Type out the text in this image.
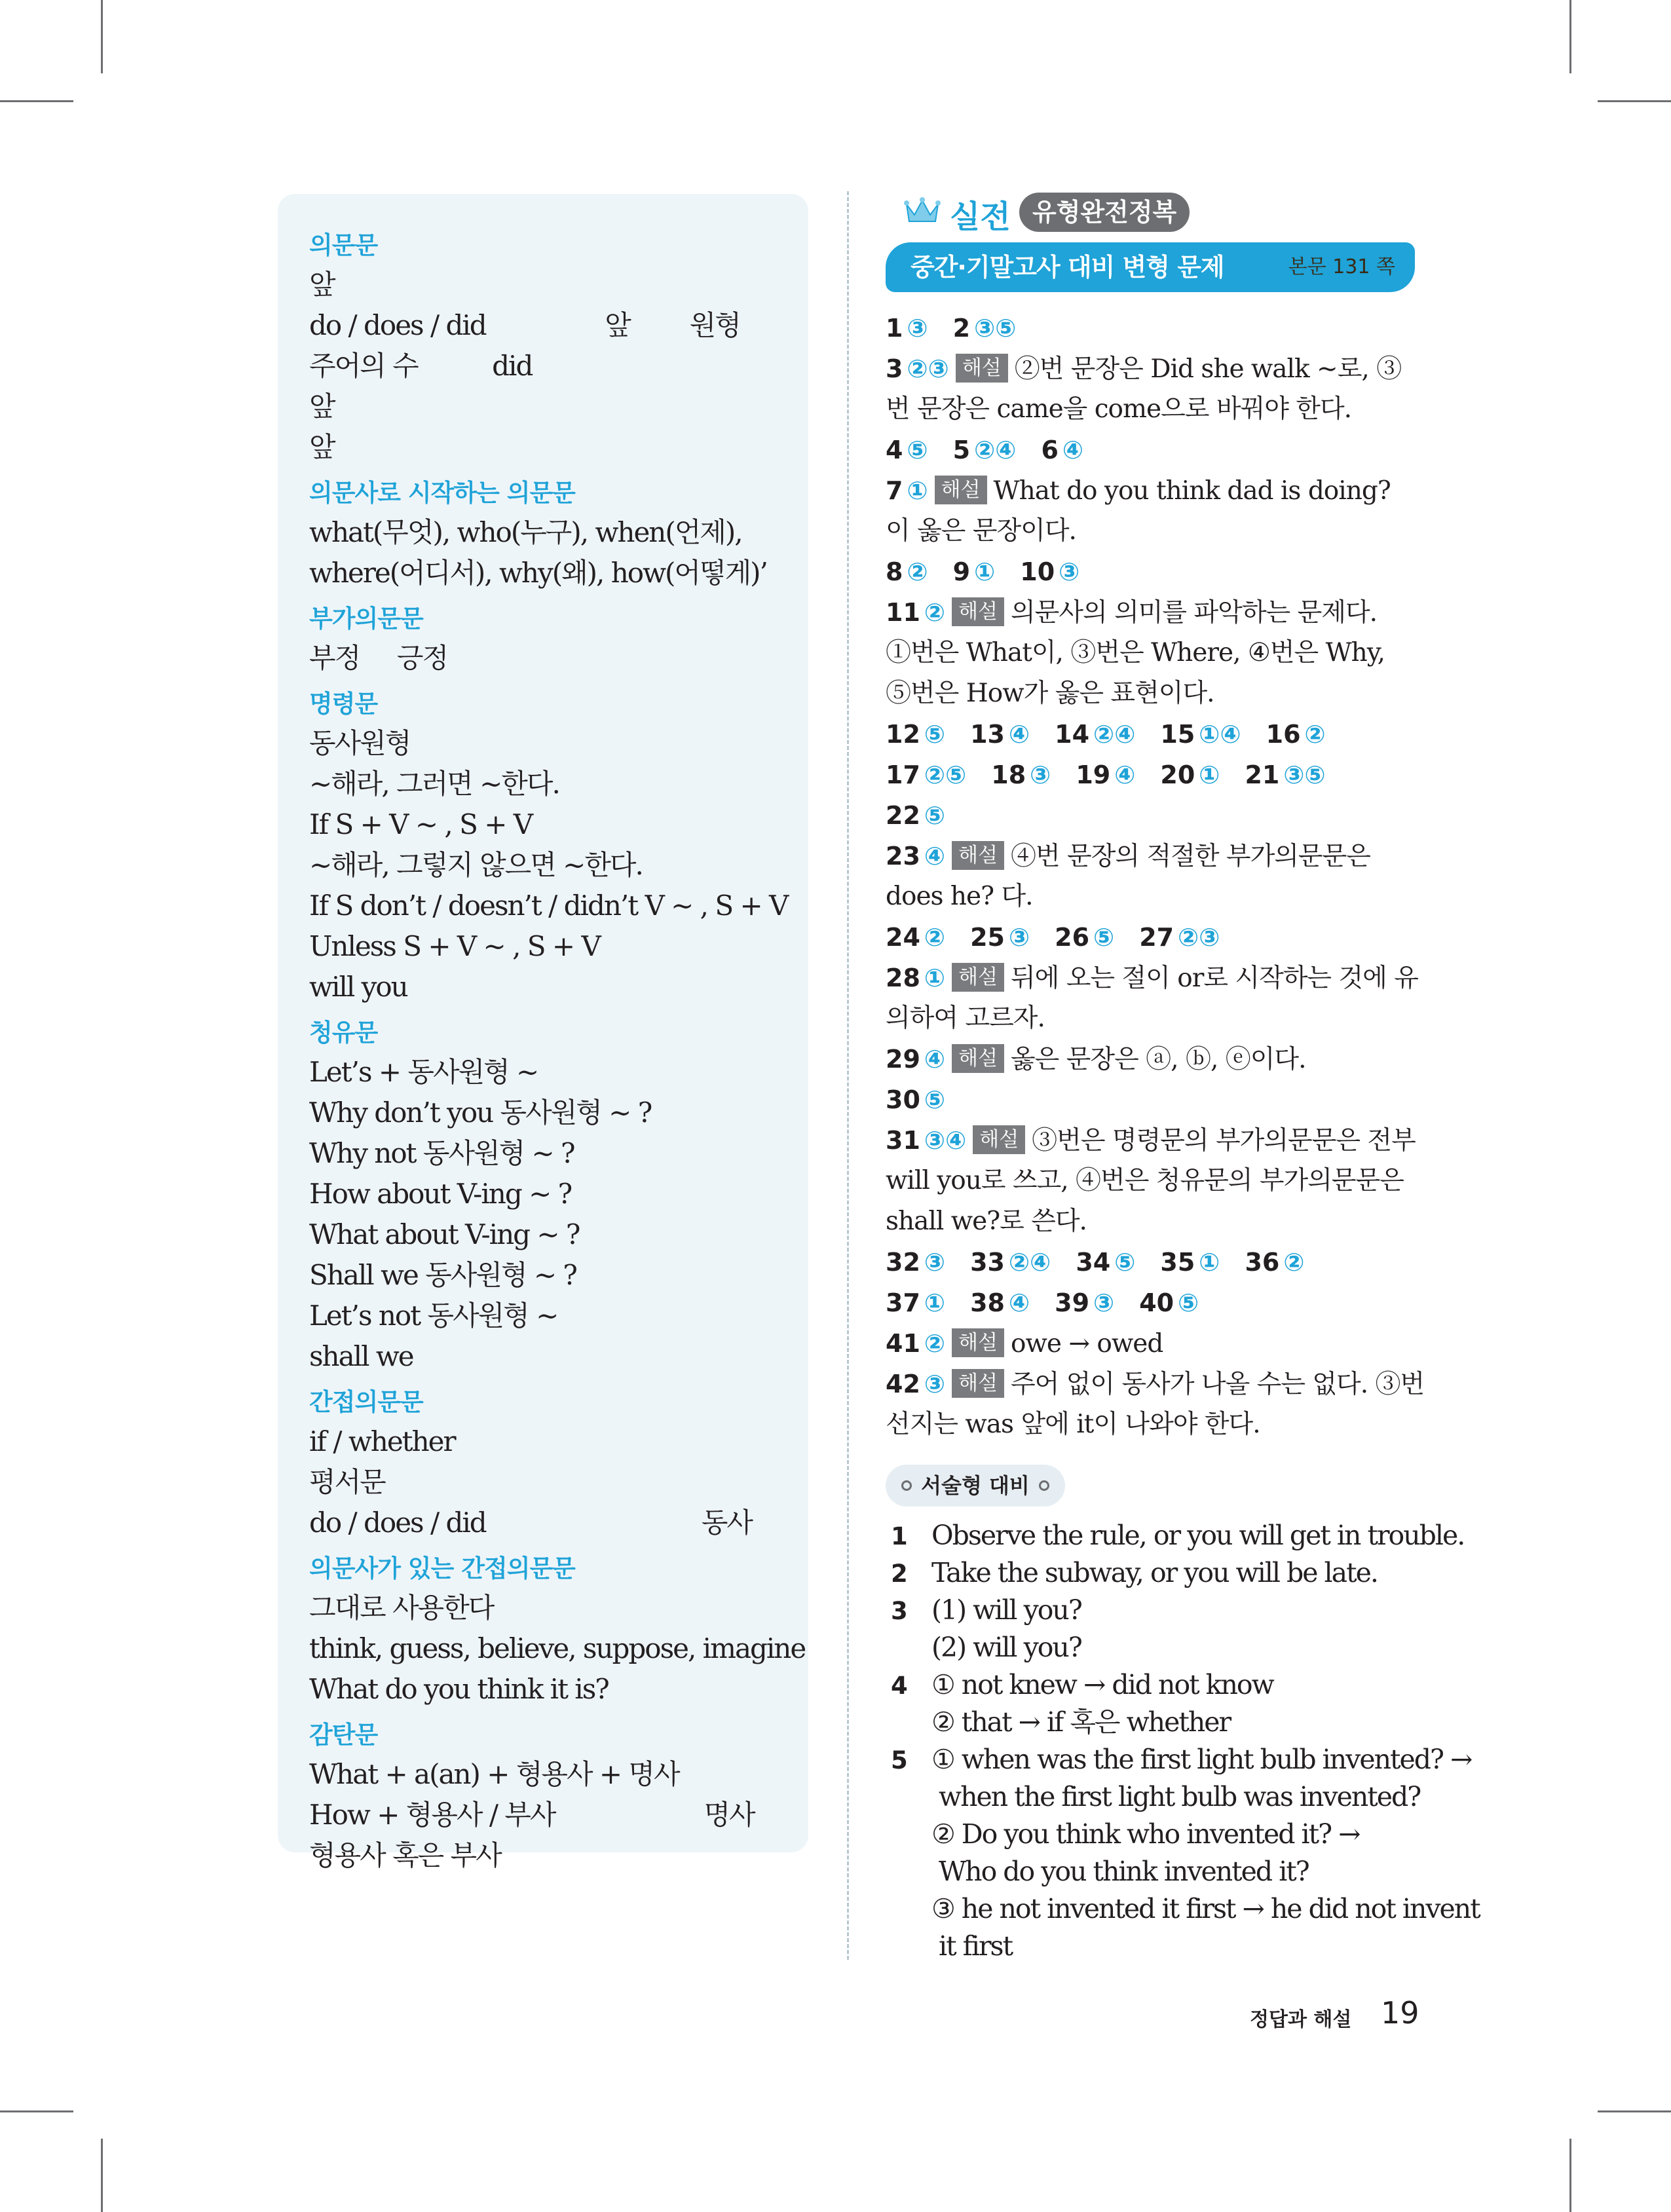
의문문
앞
do / does / did                앞        원형
주어의 수          did
앞
앞
의문사로 시작하는 의문문
what(무엇), who(누구), when(언제),
where(어디서), why(왜), how(어떻게)’
부가의문문
부정     긍정
명령문
동사원형
~해라, 그러면 ~한다.
If S + V ~ , S + V
~해라, 그렇지 않으면 ~한다.
If S don’t / doesn’t / didn’t V ~ , S + V
Unless S + V ~ , S + V
will you
청유문
Let’s + 동사원형 ~
Why don’t you 동사원형 ~ ?
Why not 동사원형 ~ ?
How about V-ing ~ ?
What about V-ing ~ ?
Shall we 동사원형 ~ ?
Let’s not 동사원형 ~
shall we
간접의문문
if / whether
평서문
do / does / did                             동사
의문사가 있는 간접의문문
그대로 사용한다
think, guess, believe, suppose, imagine
What do you think it is?
감탄문
What + a(an) + 형용사 + 명사
How + 형용사 / 부사                    명사
형용사 혹은 부사
실전 유형완전정복
중간·기말고사 대비 변형 문제	본문 131 쪽
1 ③ 2 ③⑤
3 ②③ 해설 ②번 문장은 Did she walk ~로, ③
번 문장은 came을 come으로 바꿔야 한다.
4 ⑤ 5 ②④ 6 ④
7 ① 해설 What do you think dad is doing?
이 옳은 문장이다.
8 ② 9 ① 10 ③
11 ② 해설 의문사의 의미를 파악하는 문제다.
①번은 What이, ③번은 Where, ④번은 Why,
⑤번은 How가 옳은 표현이다.
12 ⑤ 13 ④ 14 ②④ 15 ①④ 16 ②
17 ②⑤ 18 ③ 19 ④ 20 ① 21 ③⑤
22 ⑤
23 ④ 해설 ④번 문장의 적절한 부가의문문은
does he? 다.
24 ② 25 ③ 26 ⑤ 27 ②③
28 ① 해설 뒤에 오는 절이 or로 시작하는 것에 유
의하여 고르자.
29 ④ 해설 옳은 문장은 ⓐ, ⓑ, ⓔ이다.
30 ⑤
31 ③④ 해설 ③번은 명령문의 부가의문문은 전부
will you로 쓰고, ④번은 청유문의 부가의문문은
shall we?로 쓴다.
32 ③ 33 ②④ 34 ⑤ 35 ① 36 ②
37 ① 38 ④ 39 ③ 40 ⑤
41 ② 해설 owe → owed
42 ③ 해설 주어 없이 동사가 나올 수는 없다. ③번
선지는 was 앞에 it이 나와야 한다.
서술형 대비
1 Observe the rule, or you will get in trouble.
2 Take the subway, or you will be late.
3 (1) will you?
(2) will you?
4 ① not knew → did not know
② that → if 혹은 whether
5 ① when was the first light bulb invented? →
when the first light bulb was invented?
② Do you think who invented it? →
Who do you think invented it?
③ he not invented it first → he did not invent
it first
정답과 해설 19
